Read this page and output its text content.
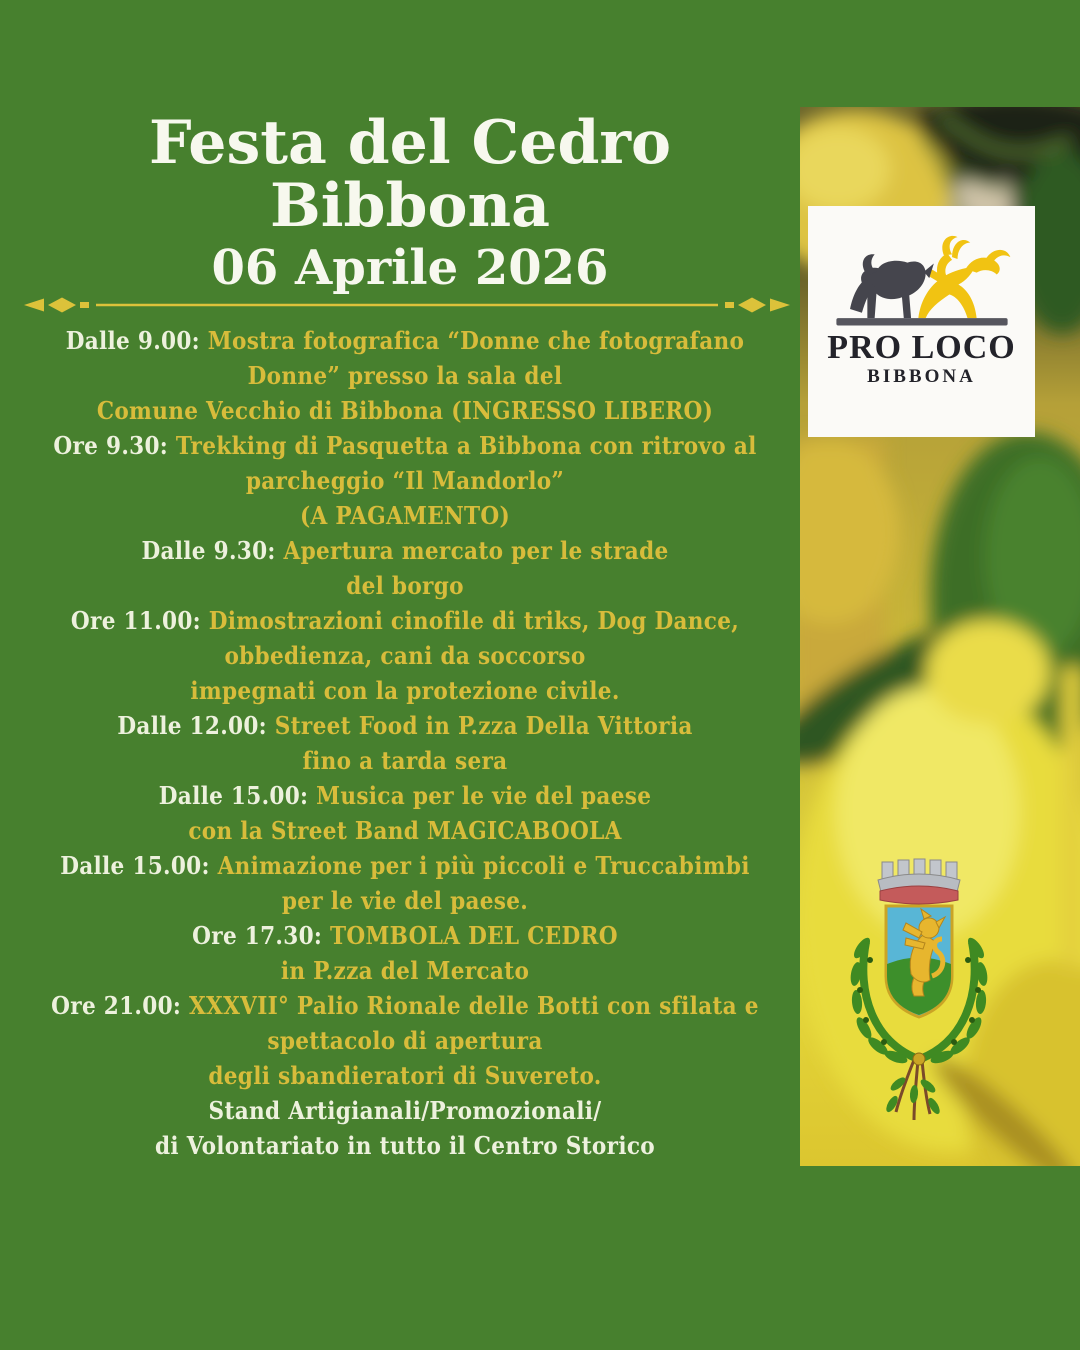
Festa del Cedro
Bibbona
06 Aprile 2026
Dalle 9.00: Mostra fotografica “Donne che fotografano
Donne” presso la sala del
Comune Vecchio di Bibbona (INGRESSO LIBERO)
Ore 9.30: Trekking di Pasquetta a Bibbona con ritrovo al
parcheggio “Il Mandorlo”
(A PAGAMENTO)
Dalle 9.30: Apertura mercato per le strade
del borgo
Ore 11.00: Dimostrazioni cinofile di triks, Dog Dance,
obbedienza, cani da soccorso
impegnati con la protezione civile.
Dalle 12.00: Street Food in P.zza Della Vittoria
fino a tarda sera
Dalle 15.00: Musica per le vie del paese
con la Street Band MAGICABOOLA
Dalle 15.00: Animazione per i più piccoli e Truccabimbi
per le vie del paese.
Ore 17.30: TOMBOLA DEL CEDRO
in P.zza del Mercato
Ore 21.00: XXXVII° Palio Rionale delle Botti con sfilata e
spettacolo di apertura
degli sbandieratori di Suvereto.
Stand Artigianali/Promozionali/
di Volontariato in tutto il Centro Storico
PRO LOCO
BIBBONA
